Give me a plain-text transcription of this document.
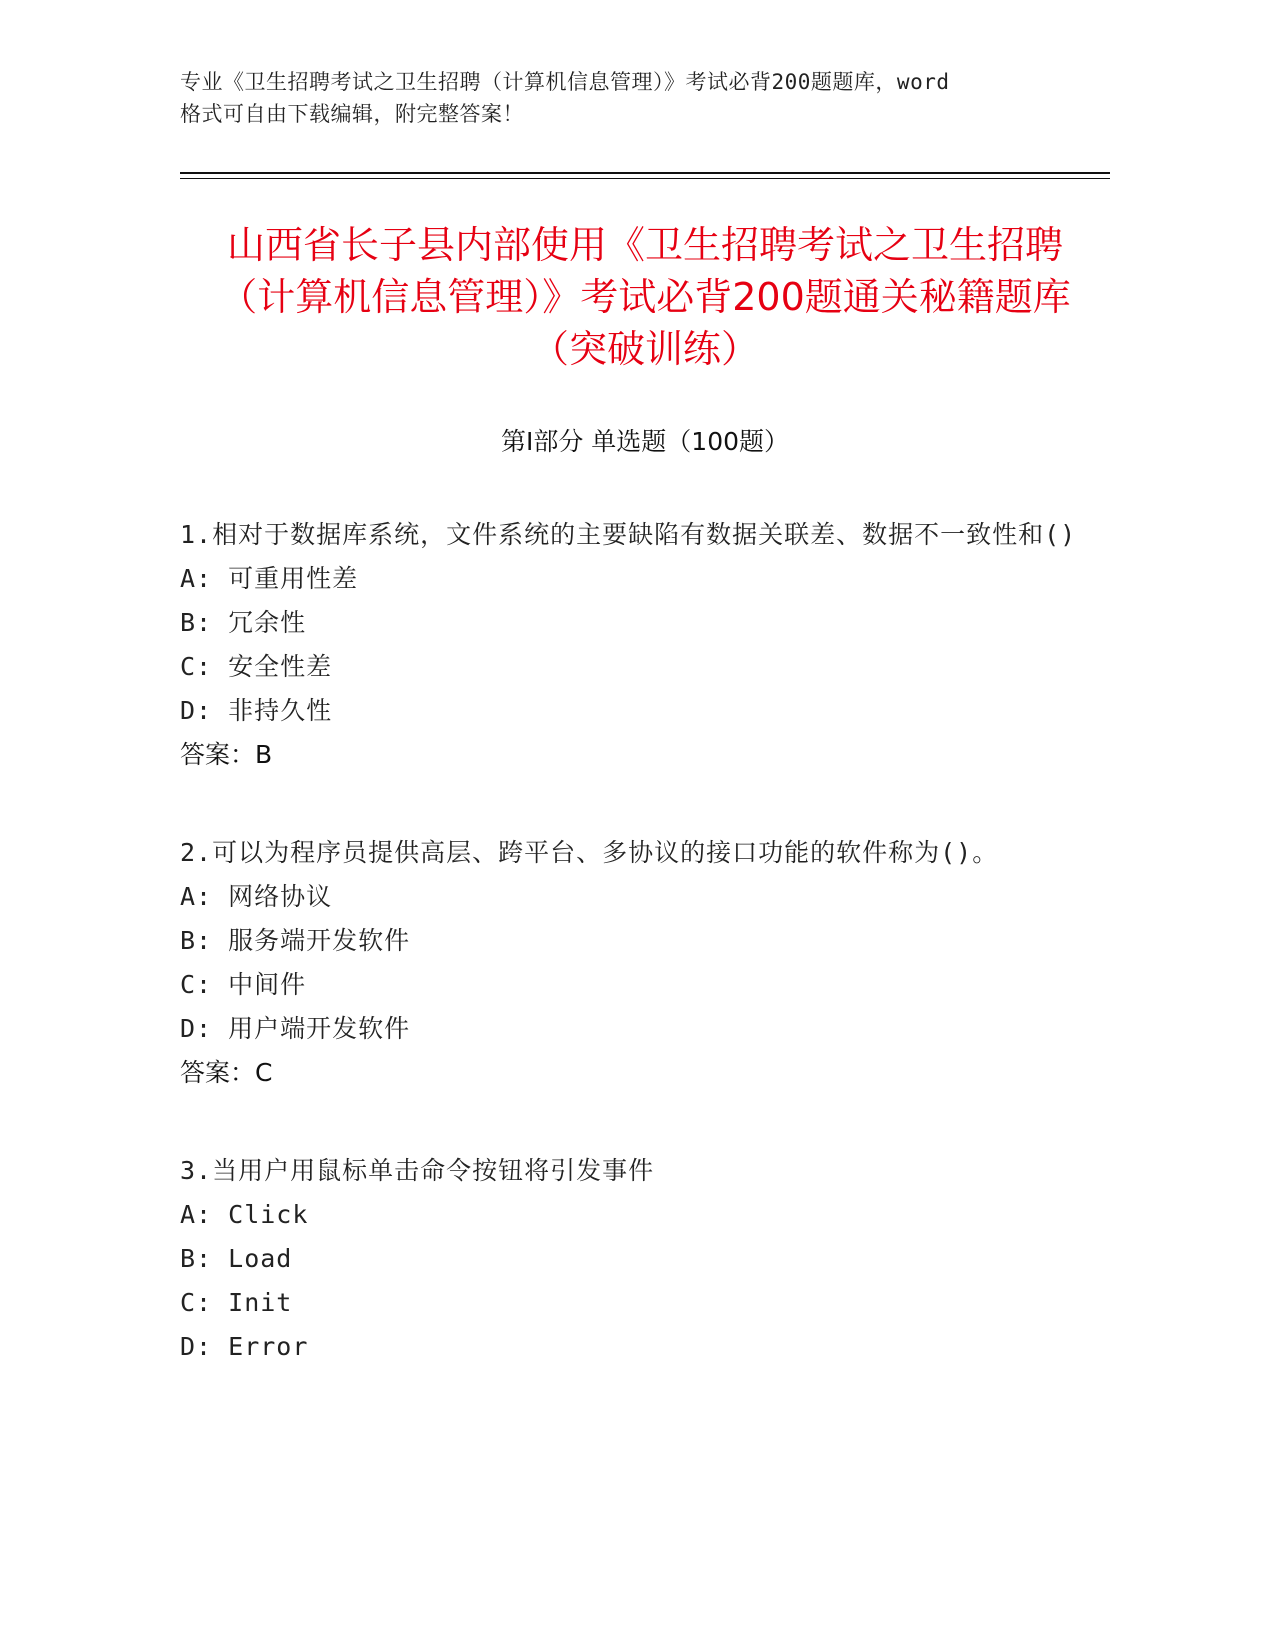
专业《卫生招聘考试之卫生招聘（计算机信息管理）》考试必背200题题库，word
格式可自由下载编辑，附完整答案！
山西省长子县内部使用《卫生招聘考试之卫生招聘（计算机信息管理）》考试必背200题通关秘籍题库（突破训练）
第Ⅰ部分 单选题（100题）
1.相对于数据库系统，文件系统的主要缺陷有数据关联差、数据不一致性和()
A: 可重用性差
B: 冗余性
C: 安全性差
D: 非持久性
答案：B
2.可以为程序员提供高层、跨平台、多协议的接口功能的软件称为()。
A: 网络协议
B: 服务端开发软件
C: 中间件
D: 用户端开发软件
答案：C
3.当用户用鼠标单击命令按钮将引发事件
A: Click
B: Load
C: Init
D: Error
